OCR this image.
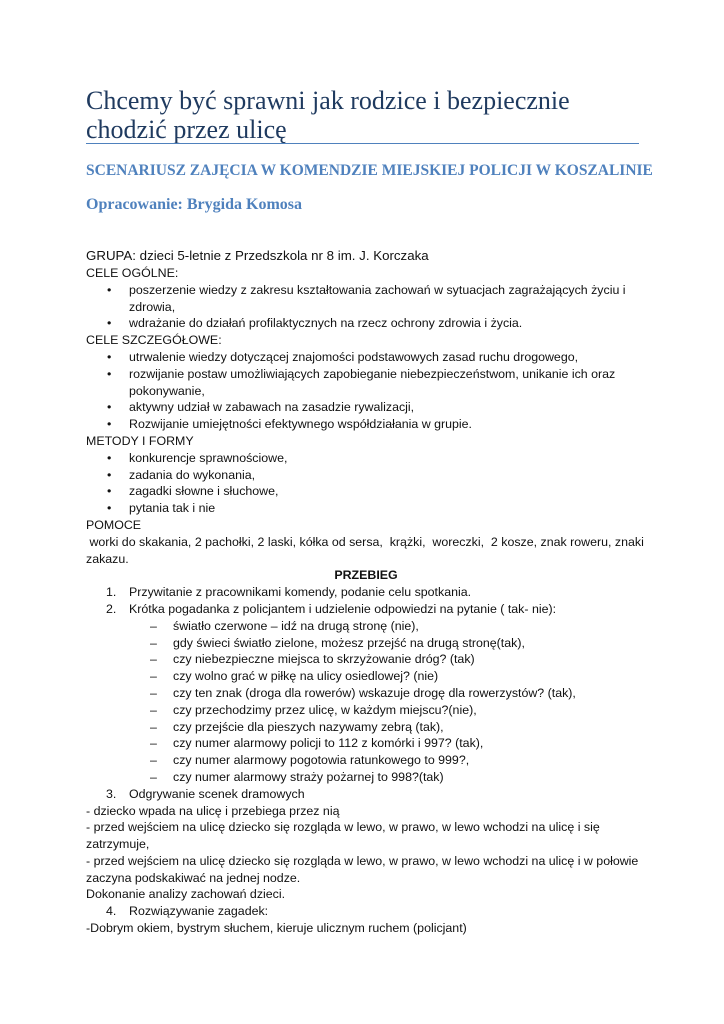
Chcemy być sprawni jak rodzice i bezpiecznie chodzić przez ulicę
SCENARIUSZ ZAJĘCIA W KOMENDZIE MIEJSKIEJ POLICJI W KOSZALINIE
Opracowanie: Brygida Komosa

GRUPA: dzieci 5-letnie z Przedszkola nr 8 im. J. Korczaka

CELE OGÓLNE:

• poszerzenie wiedzy z zakresu kształtowania zachowań w sytuacjach zagrażających życiu i zdrowia,
• wdrażanie do działań profilaktycznych na rzecz ochrony zdrowia i życia.

CELE SZCZEGÓŁOWE:

• utrwalenie wiedzy dotyczącej znajomości podstawowych zasad ruchu drogowego,
• rozwijanie postaw umożliwiających zapobieganie niebezpieczeństwom, unikanie ich oraz pokonywanie,
• aktywny udział w zabawach na zasadzie rywalizacji,
• Rozwijanie umiejętności efektywnego współdziałania w grupie.

METODY I FORMY

• konkurencje sprawnościowe,
• zadania do wykonania,
• zagadki słowne i słuchowe,
• pytania tak i nie

POMOCE

worki do skakania, 2 pachołki, 2 laski, kółka od sersa,  krążki,  woreczki,  2 kosze, znak roweru, znaki zakazu.

PRZEBIEG

1. Przywitanie z pracownikami komendy, podanie celu spotkania.
2. Krótka pogadanka z policjantem i udzielenie odpowiedzi na pytanie ( tak- nie):
– światło czerwone – idź na drugą stronę (nie),
– gdy świeci światło zielone, możesz przejść na drugą stronę(tak),
– czy niebezpieczne miejsca to skrzyżowanie dróg? (tak)
– czy wolno grać w piłkę na ulicy osiedlowej? (nie)
– czy ten znak (droga dla rowerów) wskazuje drogę dla rowerzystów? (tak),
– czy przechodzimy przez ulicę, w każdym miejscu?(nie),
– czy przejście dla pieszych nazywamy zebrą (tak),
– czy numer alarmowy policji to 112 z komórki i 997? (tak),
– czy numer alarmowy pogotowia ratunkowego to 999?,
– czy numer alarmowy straży pożarnej to 998?(tak)
3. Odgrywanie scenek dramowych

- dziecko wpada na ulicę i przebiega przez nią

- przed wejściem na ulicę dziecko się rozgląda w lewo, w prawo, w lewo wchodzi na ulicę i się zatrzymuje,

- przed wejściem na ulicę dziecko się rozgląda w lewo, w prawo, w lewo wchodzi na ulicę i w połowie zaczyna podskakiwać na jednej nodze.

Dokonanie analizy zachowań dzieci.

4. Rozwiązywanie zagadek:

-Dobrym okiem, bystrym słuchem, kieruje ulicznym ruchem (policjant)
